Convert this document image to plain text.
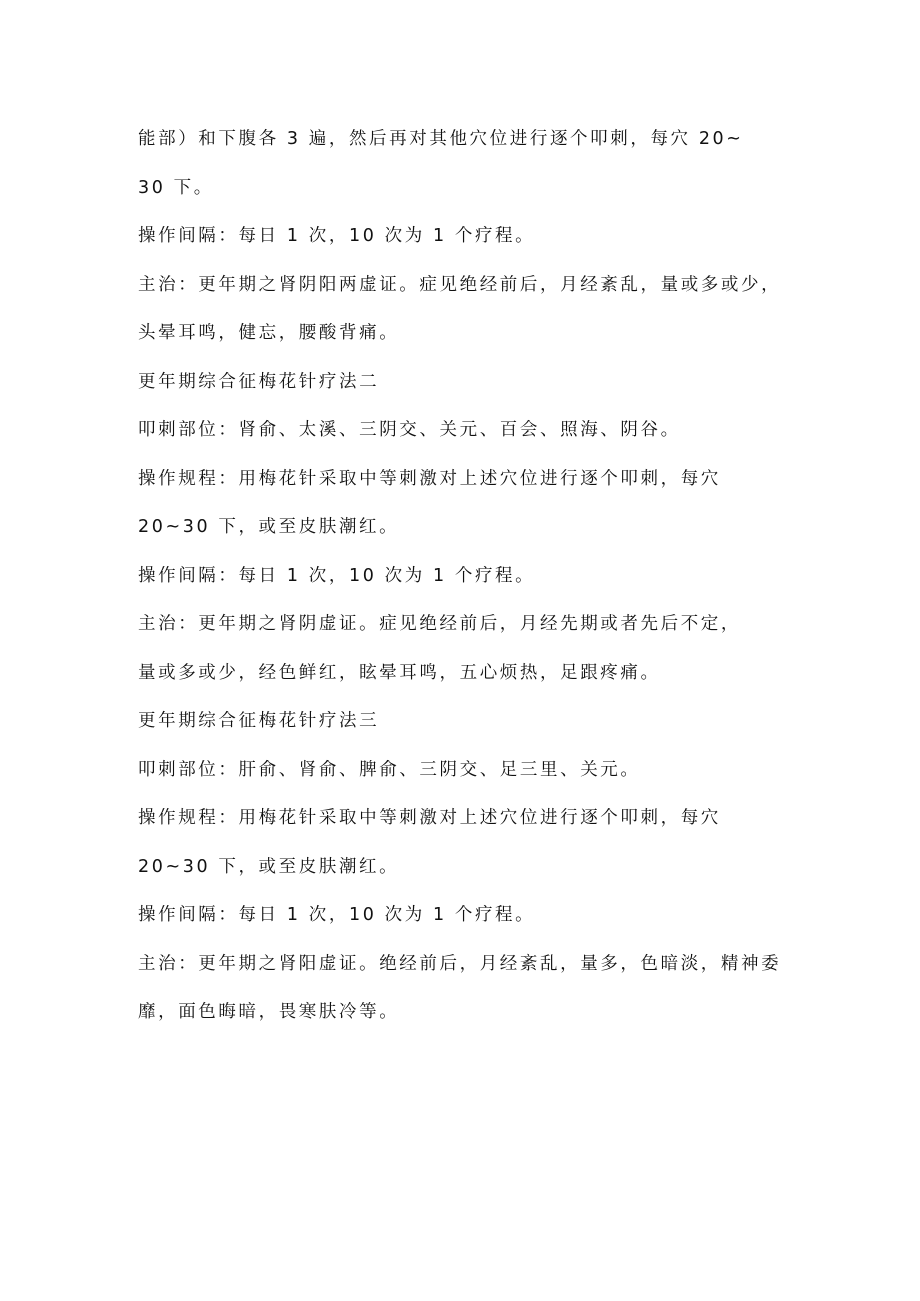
能部）和下腹各 3 遍，然后再对其他穴位进行逐个叩刺，每穴 20~
30 下。
操作间隔：每日 1 次，10 次为 1 个疗程。
主治：更年期之肾阴阳两虚证。症见绝经前后，月经紊乱，量或多或少，
头晕耳鸣，健忘，腰酸背痛。
更年期综合征梅花针疗法二
叩刺部位：肾俞、太溪、三阴交、关元、百会、照海、阴谷。
操作规程：用梅花针采取中等刺激对上述穴位进行逐个叩刺，每穴
20~30 下，或至皮肤潮红。
操作间隔：每日 1 次，10 次为 1 个疗程。
主治：更年期之肾阴虚证。症见绝经前后，月经先期或者先后不定，
量或多或少，经色鲜红，眩晕耳鸣，五心烦热，足跟疼痛。
更年期综合征梅花针疗法三
叩刺部位：肝俞、肾俞、脾俞、三阴交、足三里、关元。
操作规程：用梅花针采取中等刺激对上述穴位进行逐个叩刺，每穴
20~30 下，或至皮肤潮红。
操作间隔：每日 1 次，10 次为 1 个疗程。
主治：更年期之肾阳虚证。绝经前后，月经紊乱，量多，色暗淡，精神委
靡，面色晦暗，畏寒肤冷等。
